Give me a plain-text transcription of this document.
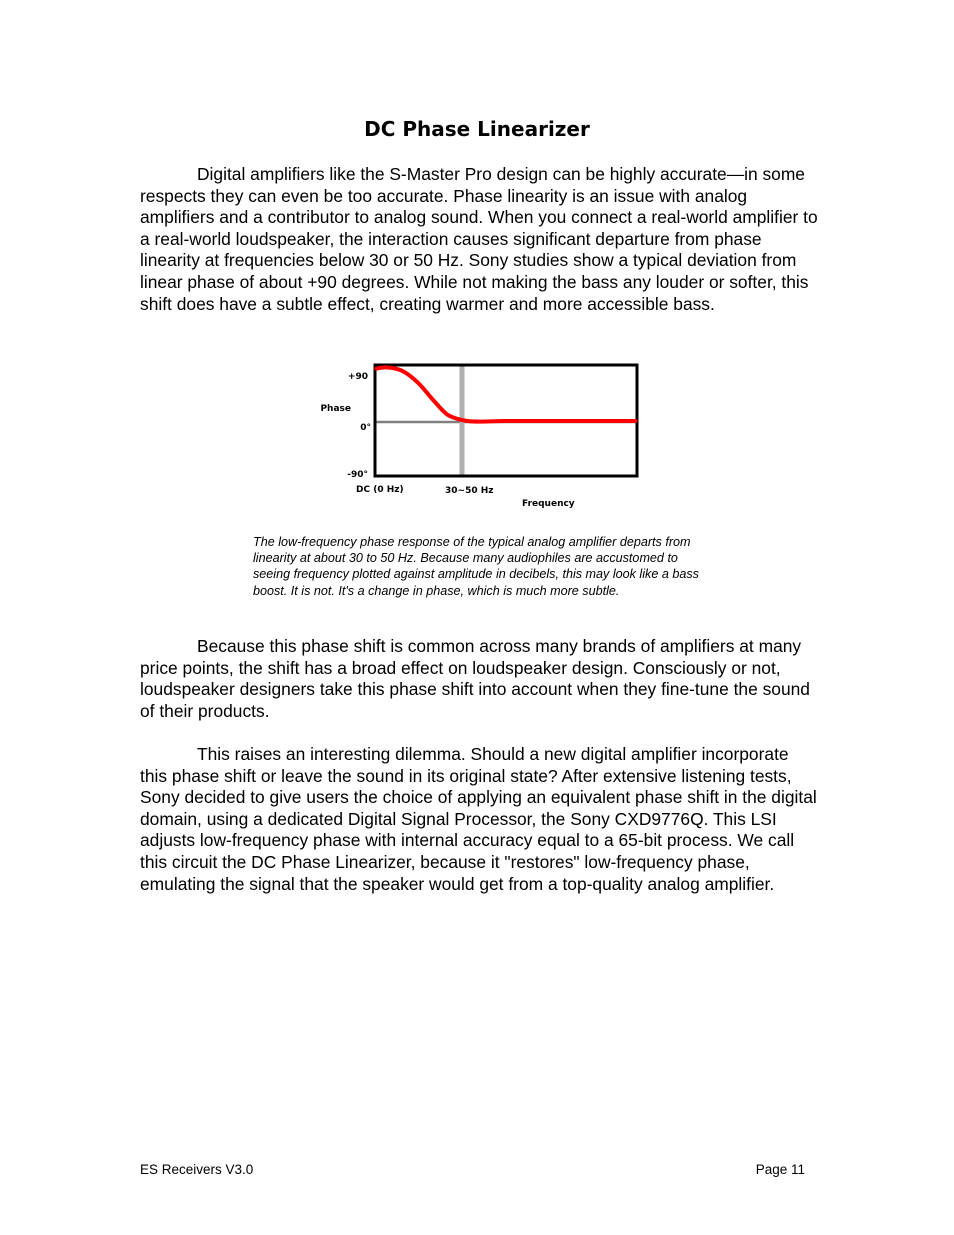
DC Phase Linearizer

Digital amplifiers like the S-Master Pro design can be highly accurate—in some respects they can even be too accurate. Phase linearity is an issue with analog amplifiers and a contributor to analog sound. When you connect a real-world amplifier to a real-world loudspeaker, the interaction causes significant departure from phase linearity at frequencies below 30 or 50 Hz. Sony studies show a typical deviation from linear phase of about +90 degrees. While not making the bass any louder or softer, this shift does have a subtle effect, creating warmer and more accessible bass.

+90
Phase
0°
-90°
DC (0 Hz)	30~50 Hz
Frequency

The low-frequency phase response of the typical analog amplifier departs from linearity at about 30 to 50 Hz. Because many audiophiles are accustomed to seeing frequency plotted against amplitude in decibels, this may look like a bass boost. It is not. It's a change in phase, which is much more subtle.

Because this phase shift is common across many brands of amplifiers at many price points, the shift has a broad effect on loudspeaker design. Consciously or not, loudspeaker designers take this phase shift into account when they fine-tune the sound of their products.

This raises an interesting dilemma. Should a new digital amplifier incorporate this phase shift or leave the sound in its original state? After extensive listening tests, Sony decided to give users the choice of applying an equivalent phase shift in the digital domain, using a dedicated Digital Signal Processor, the Sony CXD9776Q. This LSI adjusts low-frequency phase with internal accuracy equal to a 65-bit process. We call this circuit the DC Phase Linearizer, because it "restores" low-frequency phase, emulating the signal that the speaker would get from a top-quality analog amplifier.

ES Receivers V3.0	Page 11
